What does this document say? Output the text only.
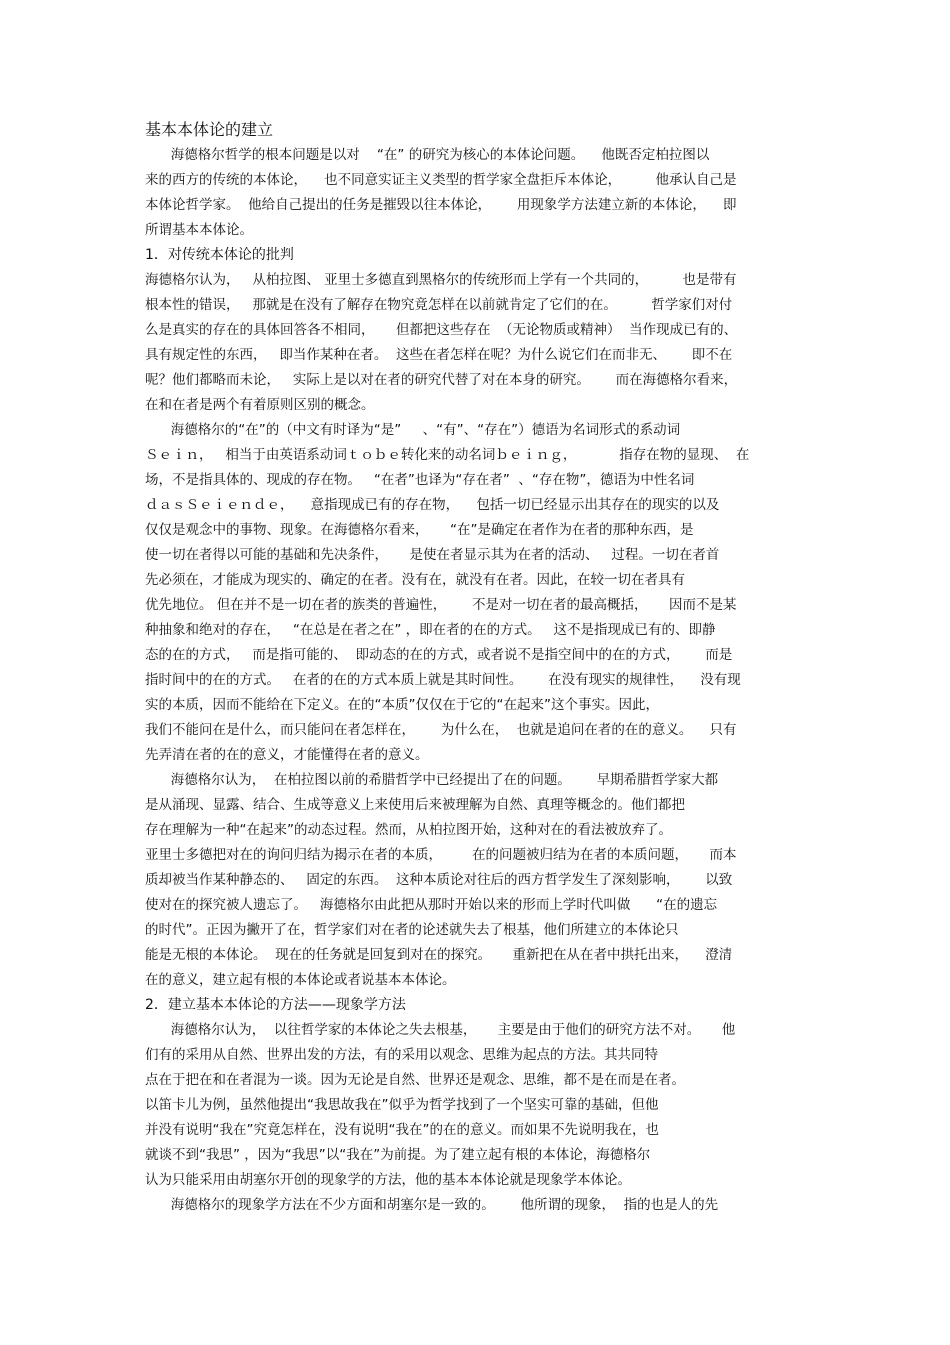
基本本体论的建立
海德格尔哲学的根本问题是以对    “在” 的研究为核心的本体论问题。    他既否定柏拉图以
来的西方的传统的本体论，    也不同意实证主义类型的哲学家全盘拒斥本体论，        他承认自己是
本体论哲学家。  他给自己提出的任务是摧毁以往本体论，      用现象学方法建立新的本体论，    即
所谓基本本体论。
1．对传统本体论的批判
海德格尔认为，   从柏拉图、 亚里士多德直到黑格尔的传统形而上学有一个共同的，        也是带有
根本性的错误，   那就是在没有了解存在物究竟怎样在以前就肯定了它们的在。        哲学家们对付
么是真实的存在的具体回答各不相同，     但都把这些存在  （无论物质或精神）  当作现成已有的、
具有规定性的东西，   即当作某种在者。  这些在者怎样在呢？为什么说它们在而非无、      即不在
呢？他们都略而未论，   实际上是以对在者的研究代替了对在本身的研究。      而在海德格尔看来，
在和在者是两个有着原则区别的概念。
海德格尔的“在”的（中文有时译为“是”     、“有”、“存在”）德语为名词形式的系动词
Ｓｅｉｎ，   相当于由英语系动词ｔｏｂｅ转化来的动名词ｂｅｉｎｇ，          指存在物的显现、  在
场，不是指具体的、现成的存在物。   “在者”也译为“存在者”  、“存在物”，德语为中性名词
ｄａｓＳｅｉｅｎｄｅ，    意指现成已有的存在物，    包括一切已经显示出其存在的现实的以及
仅仅是观念中的事物、现象。在海德格尔看来，     “在”是确定在者作为在者的那种东西，是
使一切在者得以可能的基础和先决条件，     是使在者显示其为在者的活动、   过程。一切在者首
先必须在，才能成为现实的、确定的在者。没有在，就没有在者。因此，在较一切在者具有
优先地位。 但在并不是一切在者的族类的普遍性，      不是对一切在者的最高概括，     因而不是某
种抽象和绝对的存在，   “在总是在者之在” ，即在者的在的方式。   这不是指现成已有的、即静
态的在的方式，   而是指可能的、  即动态的在的方式，或者说不是指空间中的在的方式，      而是
指时间中的在的方式。   在者的在的方式本质上就是其时间性。      在没有现实的规律性，    没有现
实的本质，因而不能给在下定义。在的“本质”仅仅在于它的“在起来”这个事实。因此，
我们不能问在是什么，而只能问在者怎样在，      为什么在，  也就是追问在者的在的意义。    只有
先弄清在者的在的意义，才能懂得在者的意义。
海德格尔认为，  在柏拉图以前的希腊哲学中已经提出了在的问题。      早期希腊哲学家大都
是从涌现、显露、结合、生成等意义上来使用后来被理解为自然、真理等概念的。他们都把
存在理解为一种“在起来”的动态过程。然而，从柏拉图开始，这种对在的看法被放弃了。
亚里士多德把对在的询问归结为揭示在者的本质，       在的问题被归结为在者的本质问题，     而本
质却被当作某种静态的、   固定的东西。  这种本质论对往后的西方哲学发生了深刻影响，      以致
使对在的探究被人遗忘了。   海德格尔由此把从那时开始以来的形而上学时代叫做      “在的遗忘
的时代”。正因为撇开了在，哲学家们对在者的论述就失去了根基，他们所建立的本体论只
能是无根的本体论。  现在的任务就是回复到对在的探究。     重新把在从在者中拱托出来，    澄清
在的意义，建立起有根的本体论或者说基本本体论。
2．建立基本本体论的方法——现象学方法
海德格尔认为，  以往哲学家的本体论之失去根基，     主要是由于他们的研究方法不对。     他
们有的采用从自然、世界出发的方法，有的采用以观念、思维为起点的方法。其共同特
点在于把在和在者混为一谈。因为无论是自然、世界还是观念、思维，都不是在而是在者。
以笛卡儿为例，虽然他提出“我思故我在”似乎为哲学找到了一个坚实可靠的基础，但他
并没有说明“我在”究竟怎样在，没有说明“我在”的在的意义。而如果不先说明我在，也
就谈不到“我思” ，因为“我思”以“我在”为前提。为了建立起有根的本体论，海德格尔
认为只能采用由胡塞尔开创的现象学的方法，他的基本本体论就是现象学本体论。
海德格尔的现象学方法在不少方面和胡塞尔是一致的。      他所谓的现象，  指的也是人的先
